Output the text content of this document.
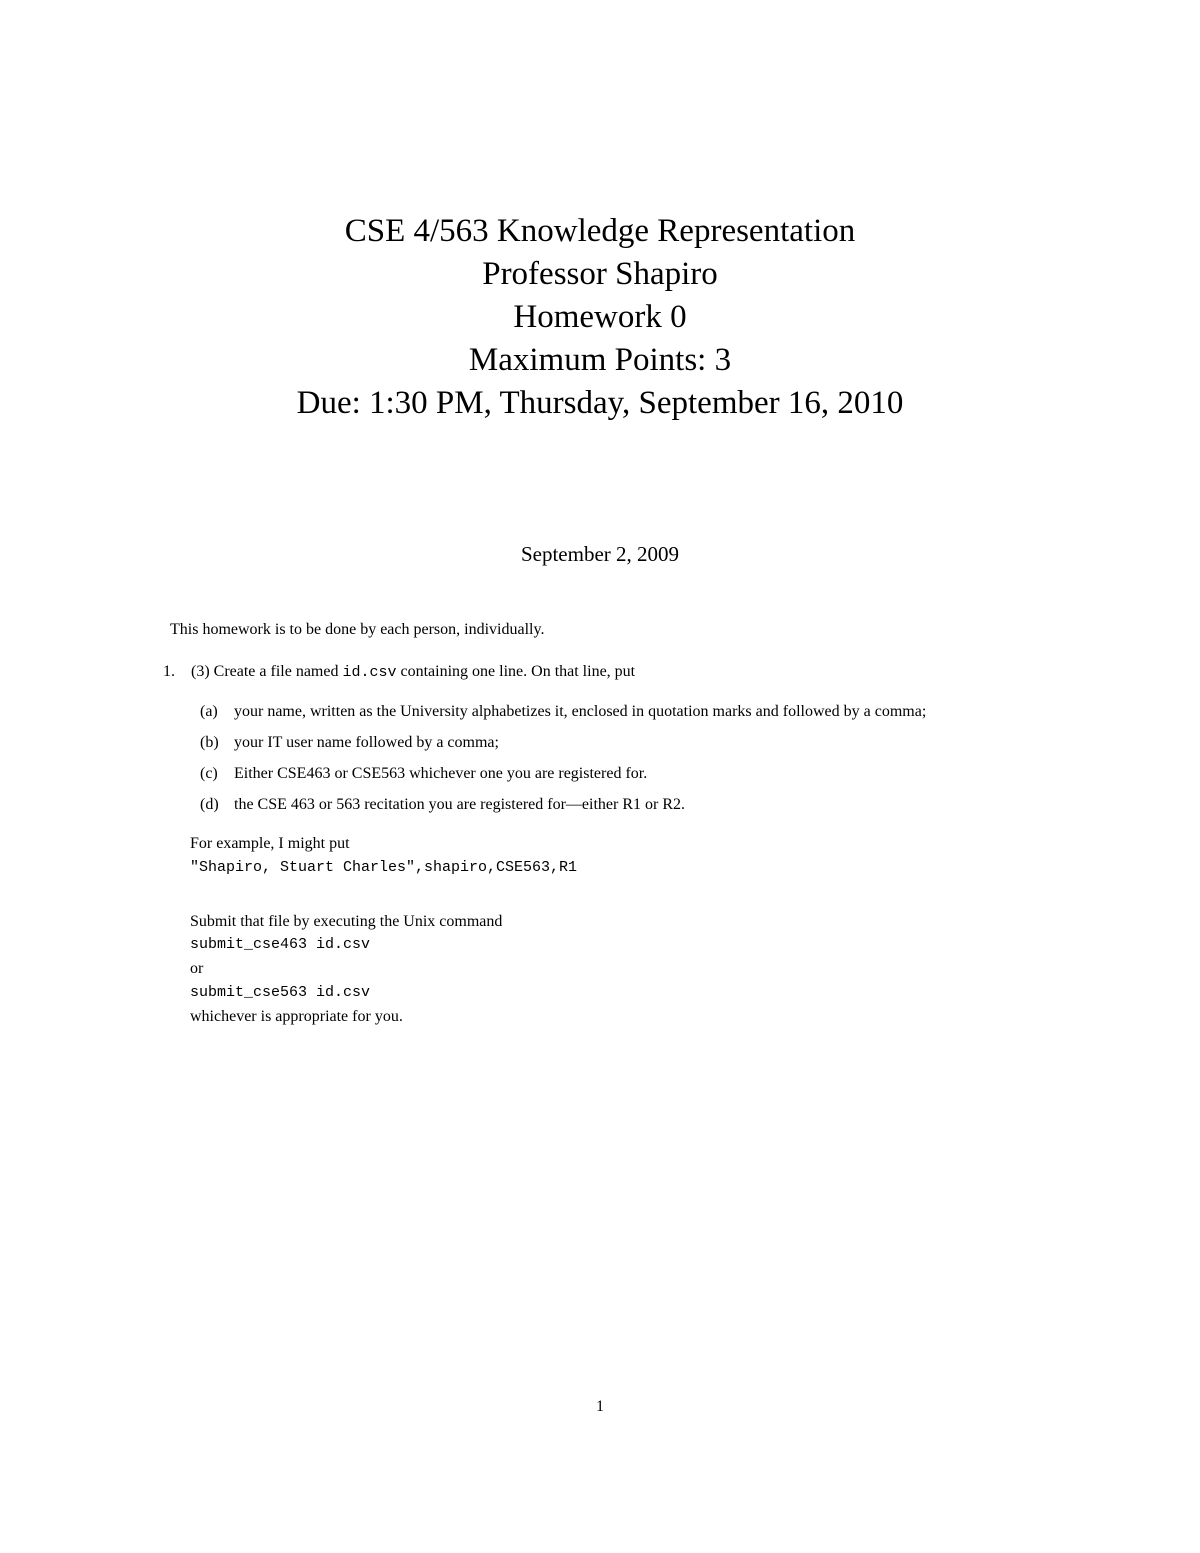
CSE 4/563 Knowledge Representation
Professor Shapiro
Homework 0
Maximum Points: 3
Due: 1:30 PM, Thursday, September 16, 2010
September 2, 2009
This homework is to be done by each person, individually.
1. (3) Create a file named id.csv containing one line. On that line, put
(a) your name, written as the University alphabetizes it, enclosed in quotation marks and followed by a comma;
(b) your IT user name followed by a comma;
(c) Either CSE463 or CSE563 whichever one you are registered for.
(d) the CSE 463 or 563 recitation you are registered for—either R1 or R2.
For example, I might put
"Shapiro, Stuart Charles",shapiro,CSE563,R1
Submit that file by executing the Unix command
submit_cse463 id.csv
or
submit_cse563 id.csv
whichever is appropriate for you.
1
